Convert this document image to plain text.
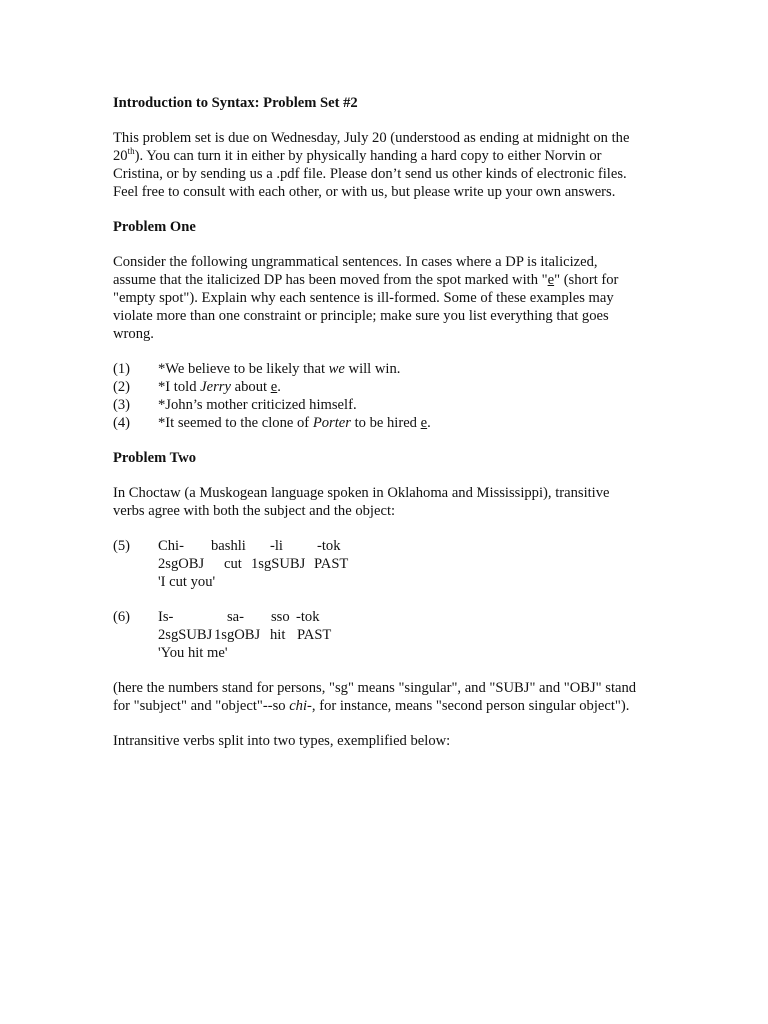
Introduction to Syntax: Problem Set #2

This problem set is due on Wednesday, July 20 (understood as ending at midnight on the

20th). You can turn it in either by physically handing a hard copy to either Norvin or

Cristina, or by sending us a .pdf file. Please don’t send us other kinds of electronic files.

Feel free to consult with each other, or with us, but please write up your own answers.

Problem One

Consider the following ungrammatical sentences. In cases where a DP is italicized,

assume that the italicized DP has been moved from the spot marked with "e" (short for

"empty spot"). Explain why each sentence is ill-formed. Some of these examples may

violate more than one constraint or principle; make sure you list everything that goes

wrong.

(1)	*We believe to be likely that we will win.
(2)	*I told Jerry about e.
(3)	*John’s mother criticized himself.
(4)	*It seemed to the clone of Porter to be hired e.

Problem Two

In Choctaw (a Muskogean language spoken in Oklahoma and Mississippi), transitive

verbs agree with both the subject and the object:

(5)	Chi- bashli -li -tok
2sgOBJ cut 1sgSUBJ PAST
'I cut you'
(6)	Is-	sa- sso -tok
2sgSUBJ 1sgOBJ hit PAST
'You hit me'

(here the numbers stand for persons, "sg" means "singular", and "SUBJ" and "OBJ" stand

for "subject" and "object"--so chi-, for instance, means "second person singular object").

Intransitive verbs split into two types, exemplified below:
